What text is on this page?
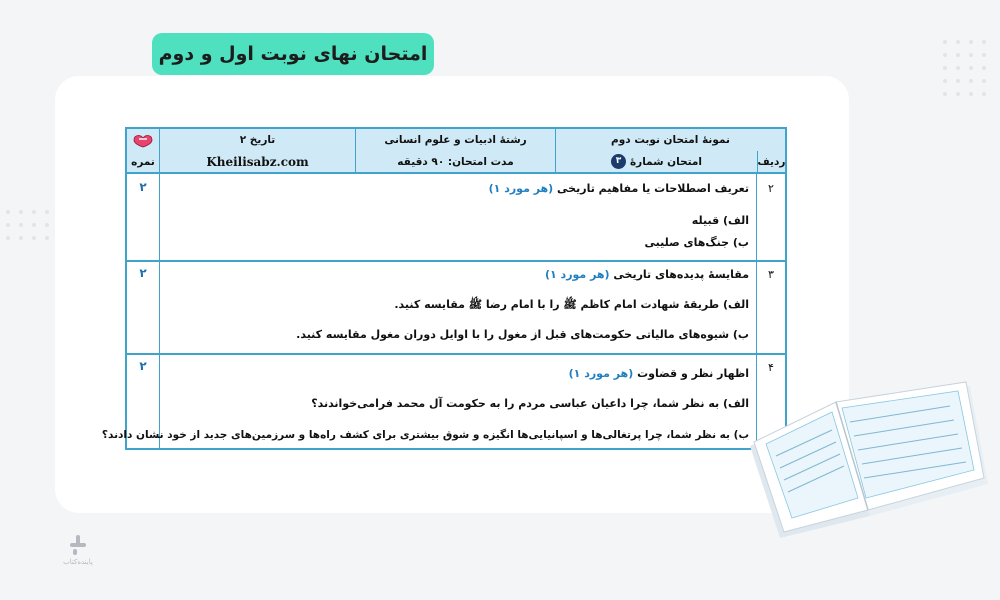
امتحان نهای نوبت اول و دوم
نمونهٔ امتحان نوبت دوم
رشتهٔ ادبیات و علوم انسانی
تاریخ ۲
ردیف
امتحان شمارهٔ
۳
مدت امتحان: ۹۰ دقیقه
Kheilisabz.com
نمره
۲
۲	تعریف اصطلاحات یا مفاهیم تاریخی (هر مورد ۱)
الف) قبیله
ب) جنگ‌های صلیبی
۳
۲	مقایسهٔ پدیده‌های تاریخی (هر مورد ۱)
الف) طریقهٔ شهادت امام کاظم ﷺ را با امام رضا ﷺ مقایسه کنید.
ب) شیوه‌های مالیاتی حکومت‌های قبل از مغول را با اوایل دوران مغول مقایسه کنید.
۴
۲
اظهار نظر و قضاوت (هر مورد ۱)
الف) به نظر شما، چرا داعیان عباسی مردم را به حکومت آل محمد فرامی‌خواندند؟
ب) به نظر شما، چرا پرتغالی‌ها و اسپانیایی‌ها انگیزه و شوق بیشتری برای کشف راه‌ها و سرزمین‌های جدید از خود نشان دادند؟
پاینده‌کتاب
